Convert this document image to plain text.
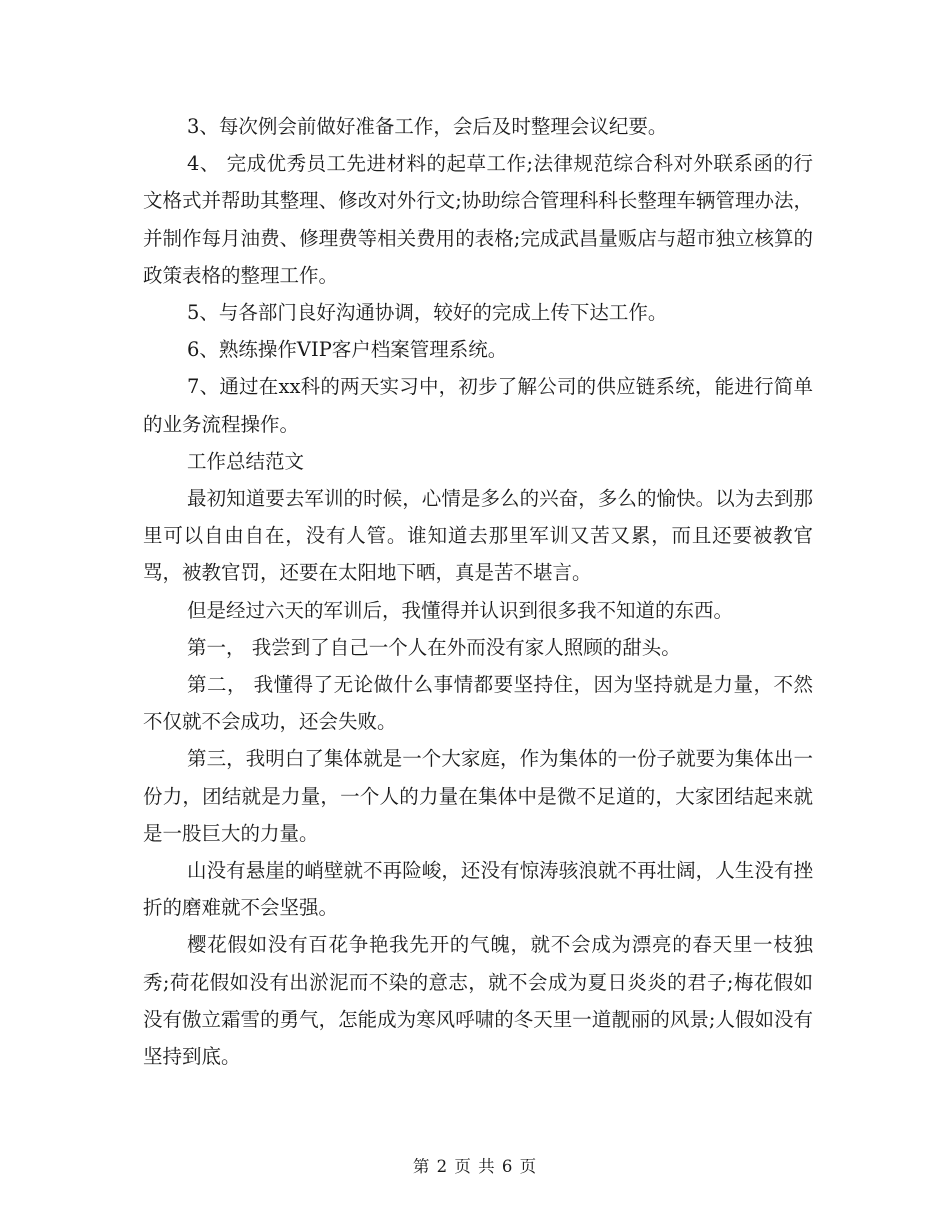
3、每次例会前做好准备工作，会后及时整理会议纪要。

4、 完成优秀员工先进材料的起草工作;法律规范综合科对外联系函的行文格式并帮助其整理、修改对外行文;协助综合管理科科长整理车辆管理办法，并制作每月油费、修理费等相关费用的表格;完成武昌量贩店与超市独立核算的政策表格的整理工作。

5、与各部门良好沟通协调，较好的完成上传下达工作。

6、熟练操作VIP客户档案管理系统。

7、通过在xx科的两天实习中，初步了解公司的供应链系统，能进行简单的业务流程操作。

工作总结范文

最初知道要去军训的时候，心情是多么的兴奋，多么的愉快。以为去到那里可以自由自在，没有人管。谁知道去那里军训又苦又累，而且还要被教官骂，被教官罚，还要在太阳地下晒，真是苦不堪言。

但是经过六天的军训后，我懂得并认识到很多我不知道的东西。

第一， 我尝到了自己一个人在外而没有家人照顾的甜头。

第二， 我懂得了无论做什么事情都要坚持住，因为坚持就是力量，不然不仅就不会成功，还会失败。

第三，我明白了集体就是一个大家庭，作为集体的一份子就要为集体出一份力，团结就是力量，一个人的力量在集体中是微不足道的，大家团结起来就是一股巨大的力量。

山没有悬崖的峭壁就不再险峻，还没有惊涛骇浪就不再壮阔，人生没有挫折的磨难就不会坚强。

樱花假如没有百花争艳我先开的气魄，就不会成为漂亮的春天里一枝独秀;荷花假如没有出淤泥而不染的意志，就不会成为夏日炎炎的君子;梅花假如没有傲立霜雪的勇气，怎能成为寒风呼啸的冬天里一道靓丽的风景;人假如没有坚持到底。

第 2 页 共 6 页
